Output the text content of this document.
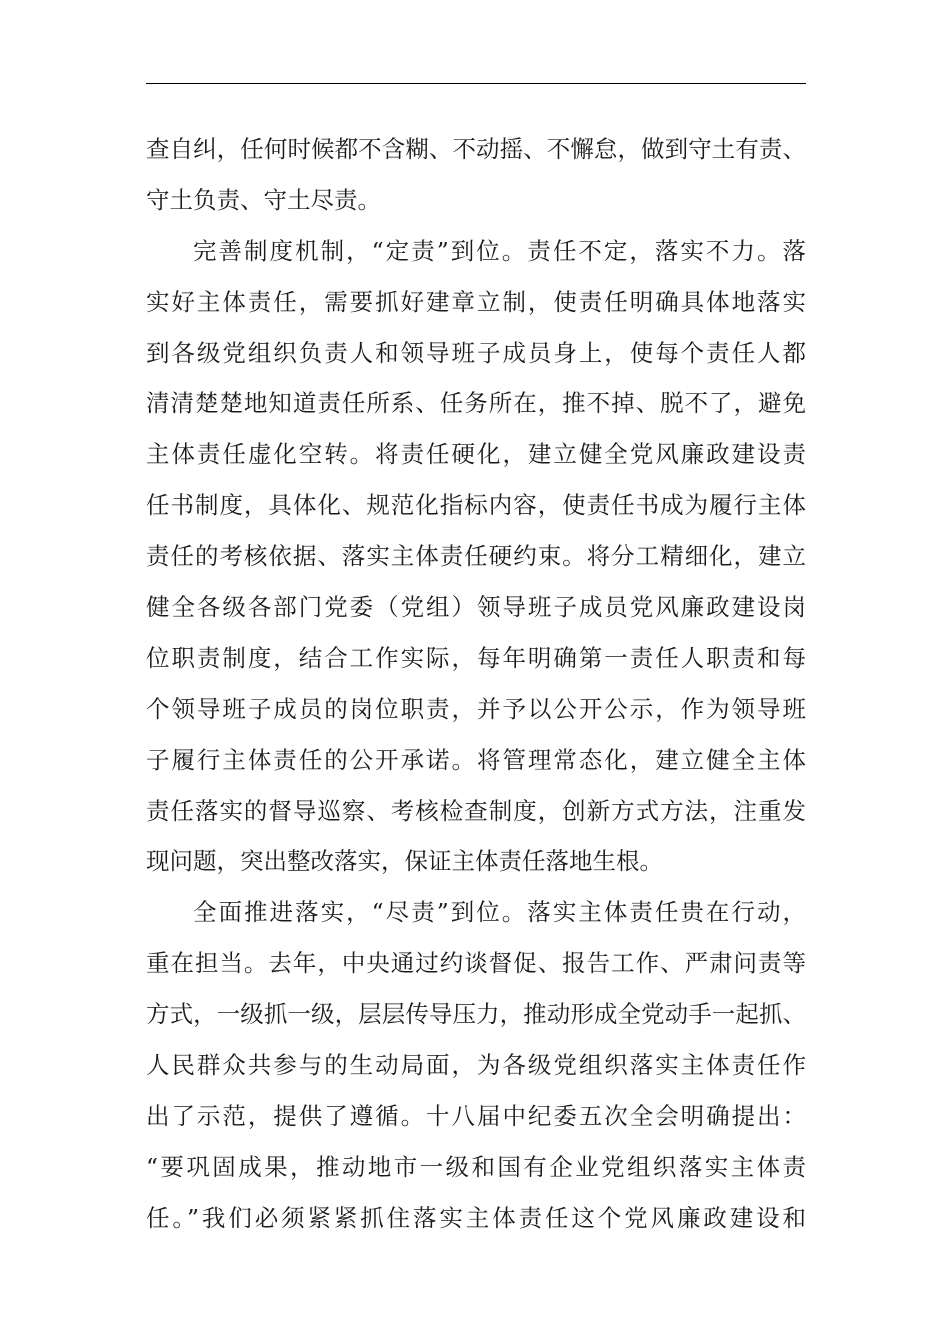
查自纠，任何时候都不含糊、不动摇、不懈怠，做到守土有责、
守土负责、守土尽责。
完善制度机制，“定责”到位。责任不定，落实不力。落
实好主体责任，需要抓好建章立制，使责任明确具体地落实
到各级党组织负责人和领导班子成员身上，使每个责任人都
清清楚楚地知道责任所系、任务所在，推不掉、脱不了，避免
主体责任虚化空转。将责任硬化，建立健全党风廉政建设责
任书制度，具体化、规范化指标内容，使责任书成为履行主体
责任的考核依据、落实主体责任硬约束。将分工精细化，建立
健全各级各部门党委（党组）领导班子成员党风廉政建设岗
位职责制度，结合工作实际，每年明确第一责任人职责和每
个领导班子成员的岗位职责，并予以公开公示，作为领导班
子履行主体责任的公开承诺。将管理常态化，建立健全主体
责任落实的督导巡察、考核检查制度，创新方式方法，注重发
现问题，突出整改落实，保证主体责任落地生根。
全面推进落实，“尽责”到位。落实主体责任贵在行动，
重在担当。去年，中央通过约谈督促、报告工作、严肃问责等
方式，一级抓一级，层层传导压力，推动形成全党动手一起抓、
人民群众共参与的生动局面，为各级党组织落实主体责任作
出了示范，提供了遵循。十八届中纪委五次全会明确提出：
“要巩固成果，推动地市一级和国有企业党组织落实主体责
任。”我们必须紧紧抓住落实主体责任这个党风廉政建设和
